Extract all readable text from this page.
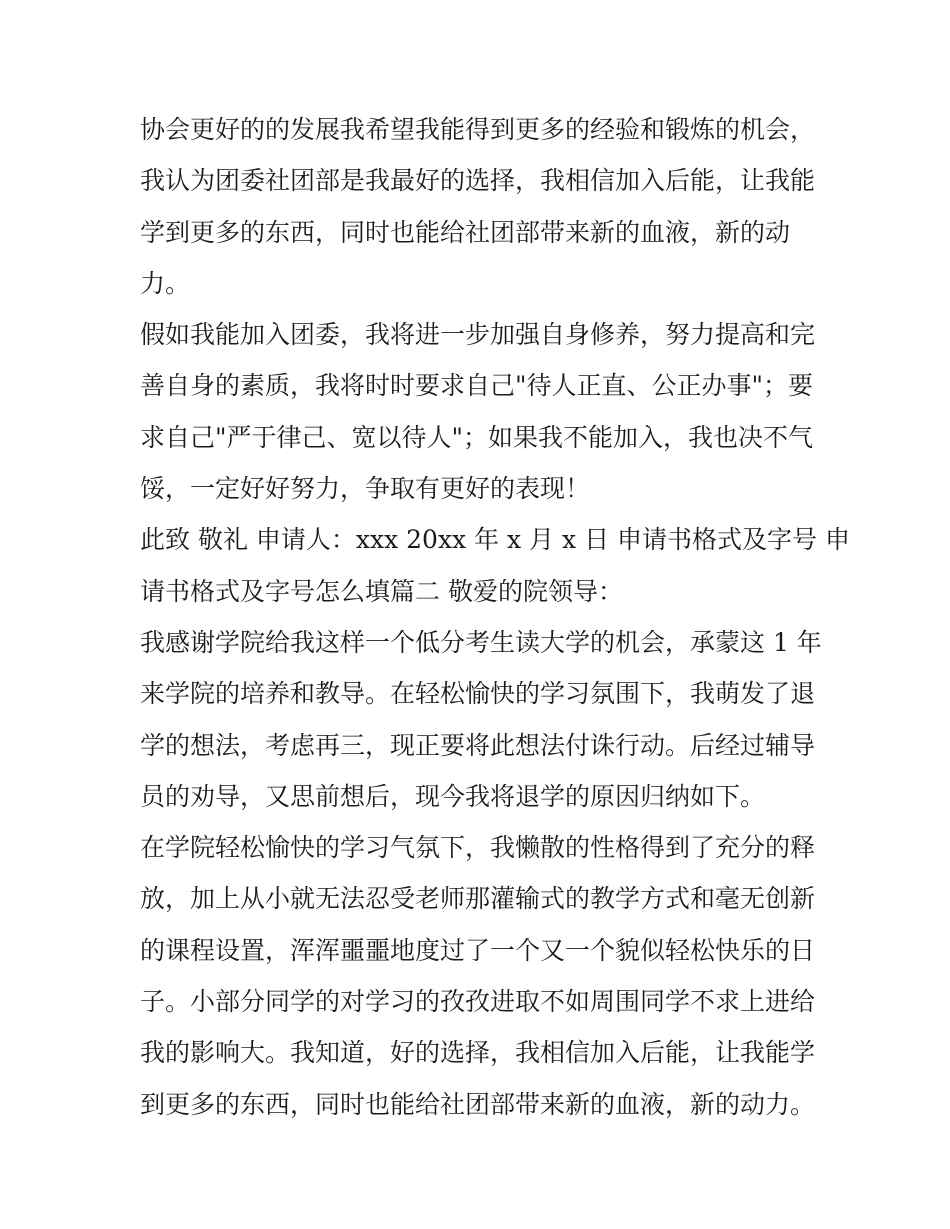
协会更好的的发展我希望我能得到更多的经验和锻炼的机会，
我认为团委社团部是我最好的选择，我相信加入后能，让我能
学到更多的东西，同时也能给社团部带来新的血液，新的动
力。
假如我能加入团委，我将进一步加强自身修养，努力提高和完
善自身的素质，我将时时要求自己"待人正直、公正办事"；要
求自己"严于律己、宽以待人"；如果我不能加入，我也决不气
馁，一定好好努力，争取有更好的表现！
此致 敬礼 申请人：xxx 20xx 年 x 月 x 日 申请书格式及字号 申
请书格式及字号怎么填篇二 敬爱的院领导：
我感谢学院给我这样一个低分考生读大学的机会，承蒙这 1 年
来学院的培养和教导。在轻松愉快的学习氛围下，我萌发了退
学的想法，考虑再三，现正要将此想法付诛行动。后经过辅导
员的劝导，又思前想后，现今我将退学的原因归纳如下。
在学院轻松愉快的学习气氛下，我懒散的性格得到了充分的释
放，加上从小就无法忍受老师那灌输式的教学方式和毫无创新
的课程设置，浑浑噩噩地度过了一个又一个貌似轻松快乐的日
子。小部分同学的对学习的孜孜进取不如周围同学不求上进给
我的影响大。我知道，好的选择，我相信加入后能，让我能学
到更多的东西，同时也能给社团部带来新的血液，新的动力。
